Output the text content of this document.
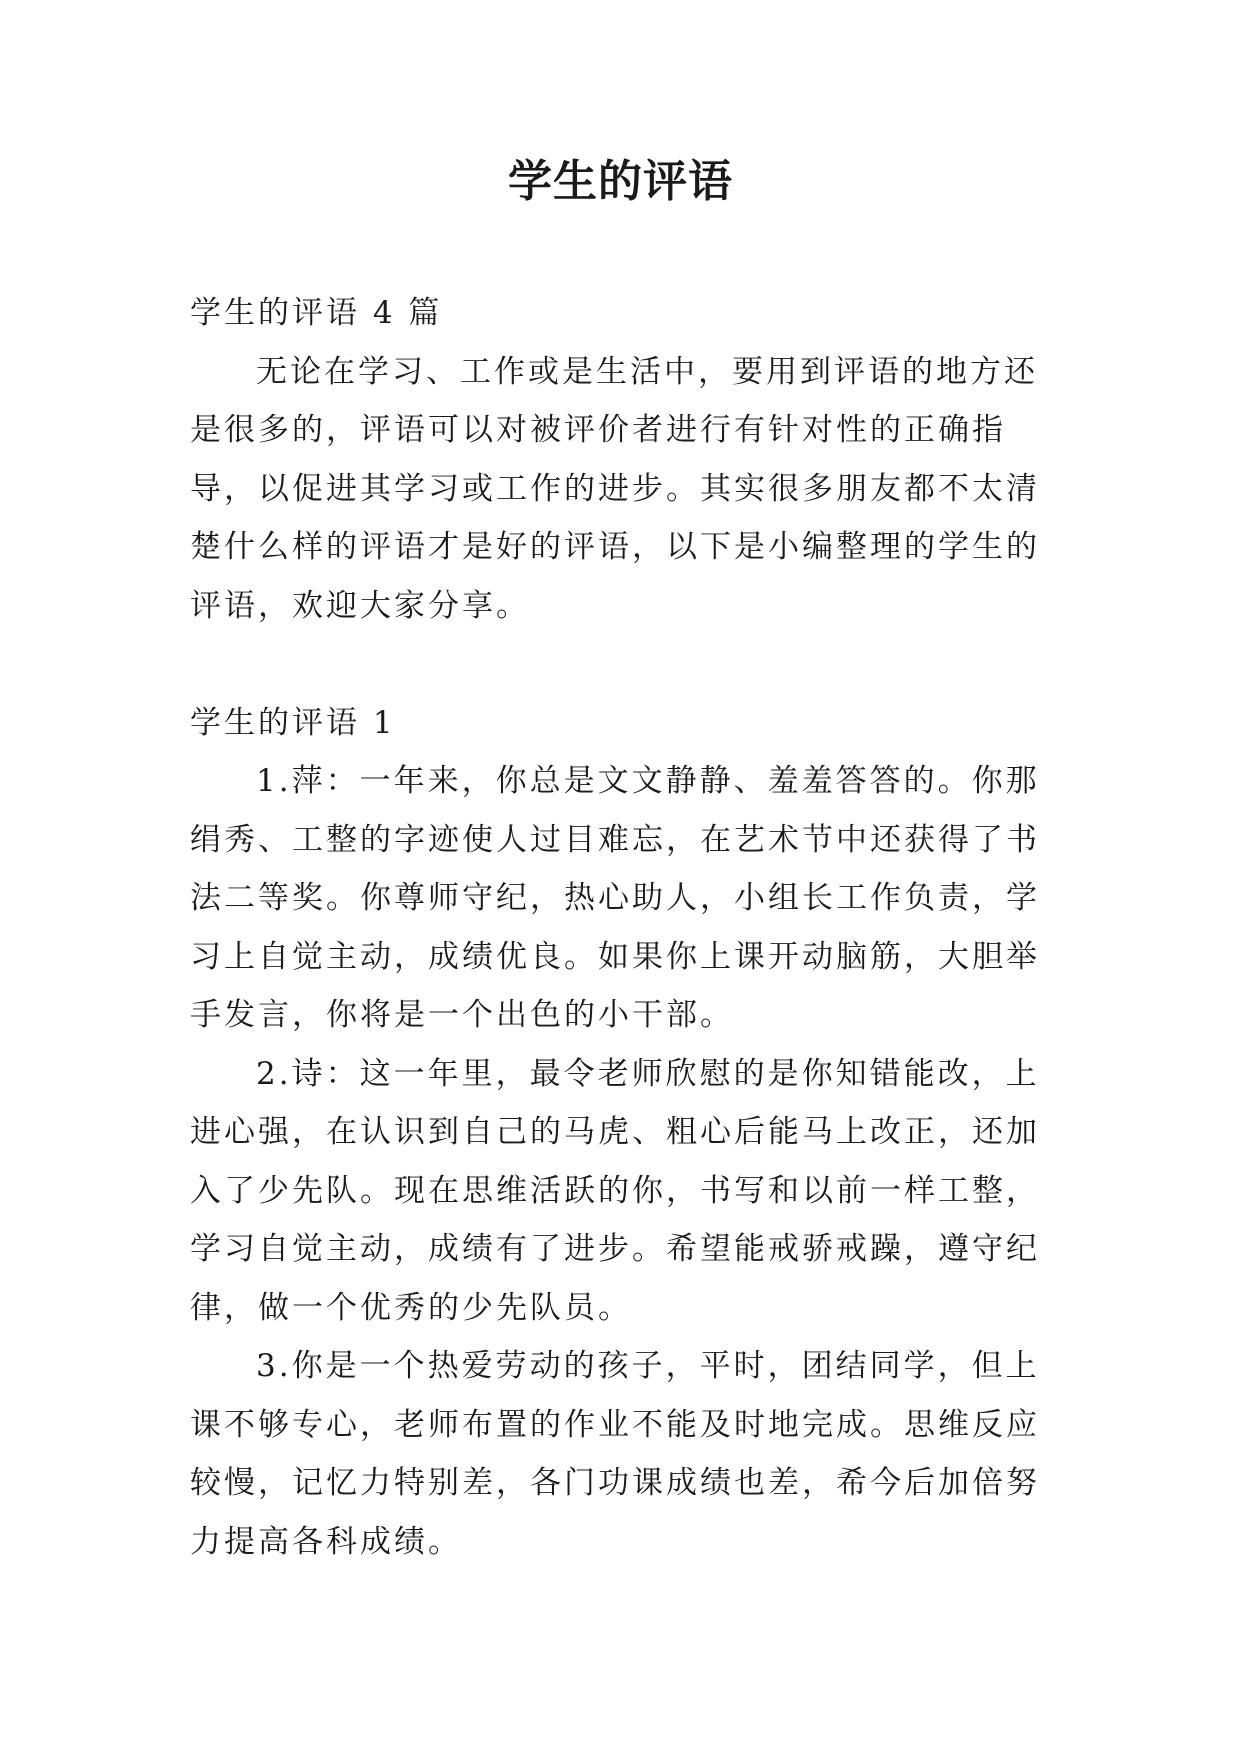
学生的评语

学生的评语 4 篇

无论在学习、工作或是生活中，要用到评语的地方还是很多的，评语可以对被评价者进行有针对性的正确指导，以促进其学习或工作的进步。其实很多朋友都不太清楚什么样的评语才是好的评语，以下是小编整理的学生的评语，欢迎大家分享。

学生的评语 1

1.萍：一年来，你总是文文静静、羞羞答答的。你那绢秀、工整的字迹使人过目难忘，在艺术节中还获得了书法二等奖。你尊师守纪，热心助人，小组长工作负责，学习上自觉主动，成绩优良。如果你上课开动脑筋，大胆举手发言，你将是一个出色的小干部。

2.诗：这一年里，最令老师欣慰的是你知错能改，上进心强，在认识到自己的马虎、粗心后能马上改正，还加入了少先队。现在思维活跃的你，书写和以前一样工整，学习自觉主动，成绩有了进步。希望能戒骄戒躁，遵守纪律，做一个优秀的少先队员。

3.你是一个热爱劳动的孩子，平时，团结同学，但上课不够专心，老师布置的作业不能及时地完成。思维反应较慢，记忆力特别差，各门功课成绩也差，希今后加倍努力提高各科成绩。
